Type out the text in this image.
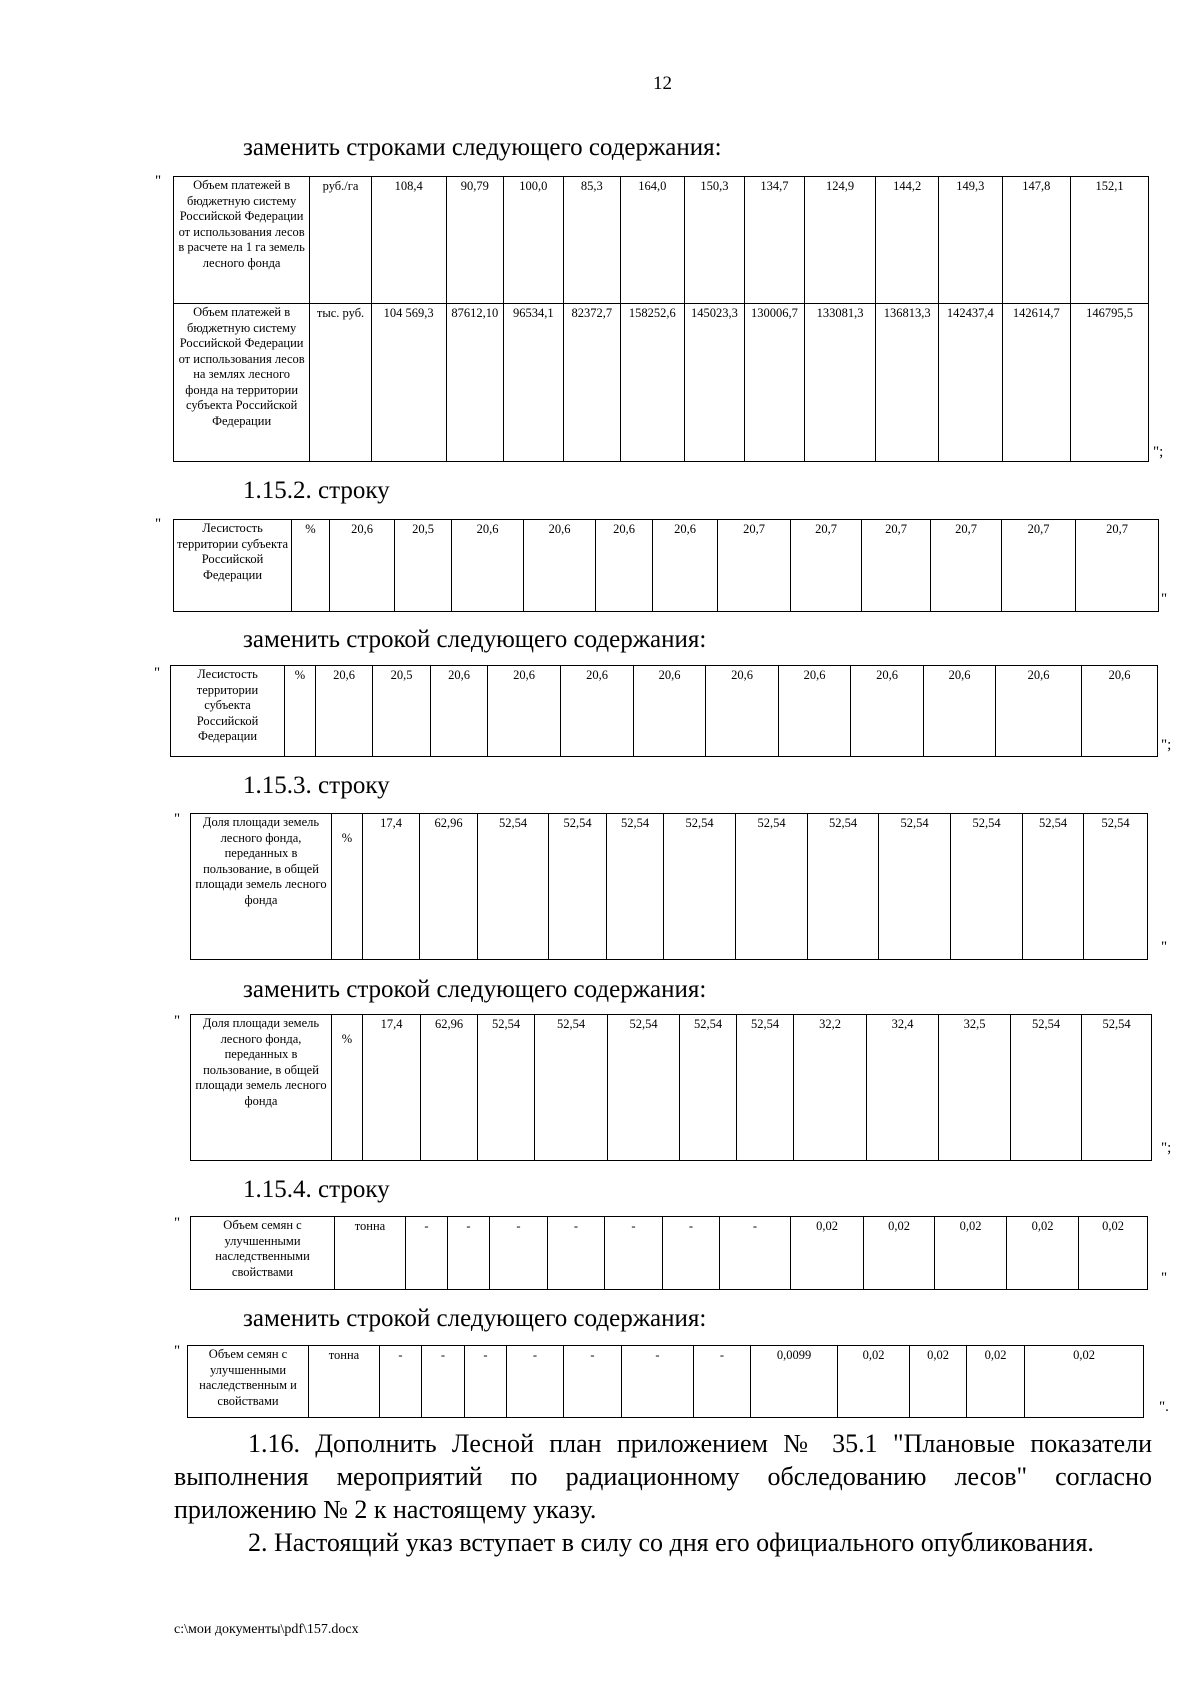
12
заменить строками следующего содержания:
"	Объем платежей в бюджетную систему Российской Федерации от использования лесов в расчете на 1 га земель лесного фонда	руб./га	108,4	90,79	100,0	85,3	164,0	150,3	134,7	124,9	144,2	149,3	147,8	152,1
Объем платежей в бюджетную систему Российской Федерации от использования лесов на землях лесного фонда на территории субъекта Российской Федерации	тыс. руб.	104 569,3	87612,10	96534,1	82372,7	158252,6	145023,3	130006,7	133081,3	136813,3	142437,4	142614,7	146795,5
";
1.15.2. строку
"	Лесистость территории субъекта Российской Федерации	%	20,6	20,5	20,6	20,6	20,6	20,6	20,7	20,7	20,7	20,7	20,7	20,7
"
заменить строкой следующего содержания:
"	Лесистость территории субъекта Российской Федерации	%	20,6	20,5	20,6	20,6	20,6	20,6	20,6	20,6	20,6	20,6	20,6	20,6
";
1.15.3. строку
" Доля площади земель лесного фонда, переданных в пользование, в общей площади земель лесного фонда	%	17,4	62,96	52,54	52,54	52,54	52,54	52,54	52,54	52,54	52,54	52,54	52,54
"
заменить строкой следующего содержания:
" Доля площади земель лесного фонда, переданных в пользование, в общей площади земель лесного фонда	%	17,4	62,96	52,54	52,54	52,54	52,54	52,54	32,2	32,4	32,5	52,54	52,54
";
1.15.4. строку
"	Объем семян с улучшенными наследственными свойствами	тонна	-	-	-	-	-	-	-	0,02	0,02	0,02	0,02	0,02
"
заменить строкой следующего содержания:
" Объем семян с улучшенными наследственным и свойствами	тонна	-	-	-	-	-	-	-	0,0099	0,02	0,02	0,02	0,02
".

1.16. Дополнить Лесной план приложением № 35.1 "Плановые показатели выполнения мероприятий по радиационному обследованию лесов" согласно приложению № 2 к настоящему указу.

2. Настоящий указ вступает в силу со дня его официального опубликования.

c:\мои документы\pdf\157.docx
